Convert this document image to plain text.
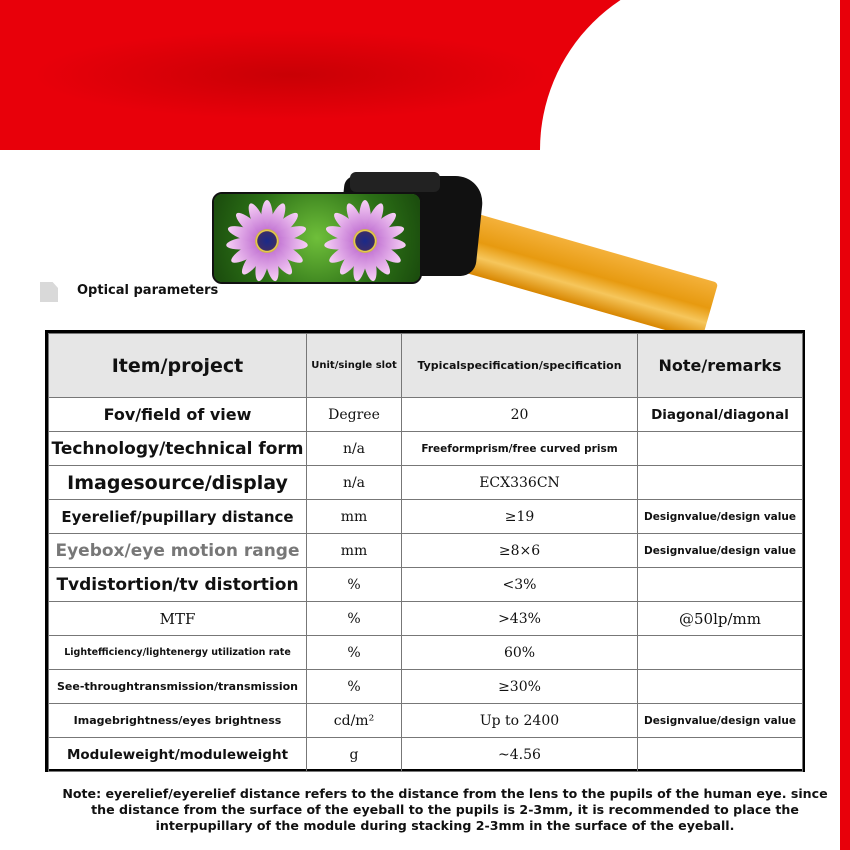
Optical parameters
Item/project	Unit/single slot	Typicalspecification/specification	Note/remarks
Fov/field of view	Degree	20	Diagonal/diagonal
Technology/technical form	n/a	Freeformprism/free curved prism	
Imagesource/display	n/a	ECX336CN	
Eyerelief/pupillary distance	mm	≥19	Designvalue/design value
Eyebox/eye motion range	mm	≥8×6	Designvalue/design value
Tvdistortion/tv distortion	%	<3%	
MTF	%	>43%	@50lp/mm
Lightefficiency/lightenergy utilization rate	%	60%	
See-throughtransmission/transmission	%	≥30%	
Imagebrightness/eyes brightness	cd/m²	Up to 2400	Designvalue/design value
Moduleweight/moduleweight	g	~4.56	
Note: eyerelief/eyerelief distance refers to the distance from the lens to the pupils of the human eye. since the distance from the surface of the eyeball to the pupils is 2-3mm, it is recommended to place the interpupillary of the module during stacking 2-3mm in the surface of the eyeball.
